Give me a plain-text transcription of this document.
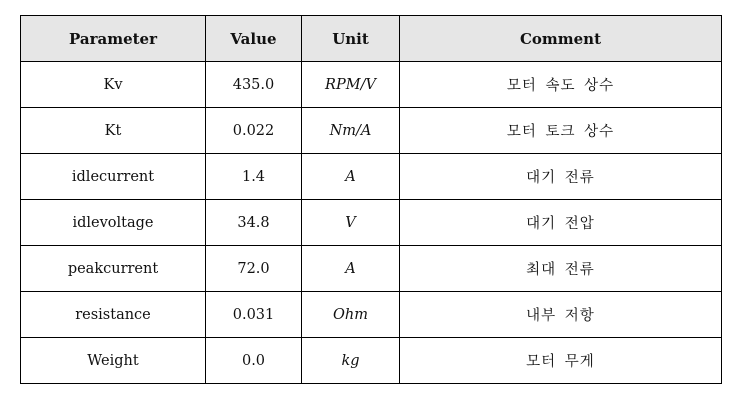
Parameter	Value	Unit	Comment
Kv	435.0	RPM/V	모터 속도 상수
Kt	0.022	Nm/A	모터 토크 상수
idlecurrent	1.4	A	대기 전류
idlevoltage	34.8	V	대기 전압
peakcurrent	72.0	A	최대 전류
resistance	0.031	Ohm	내부 저항
Weight	0.0	kg	모터 무게
